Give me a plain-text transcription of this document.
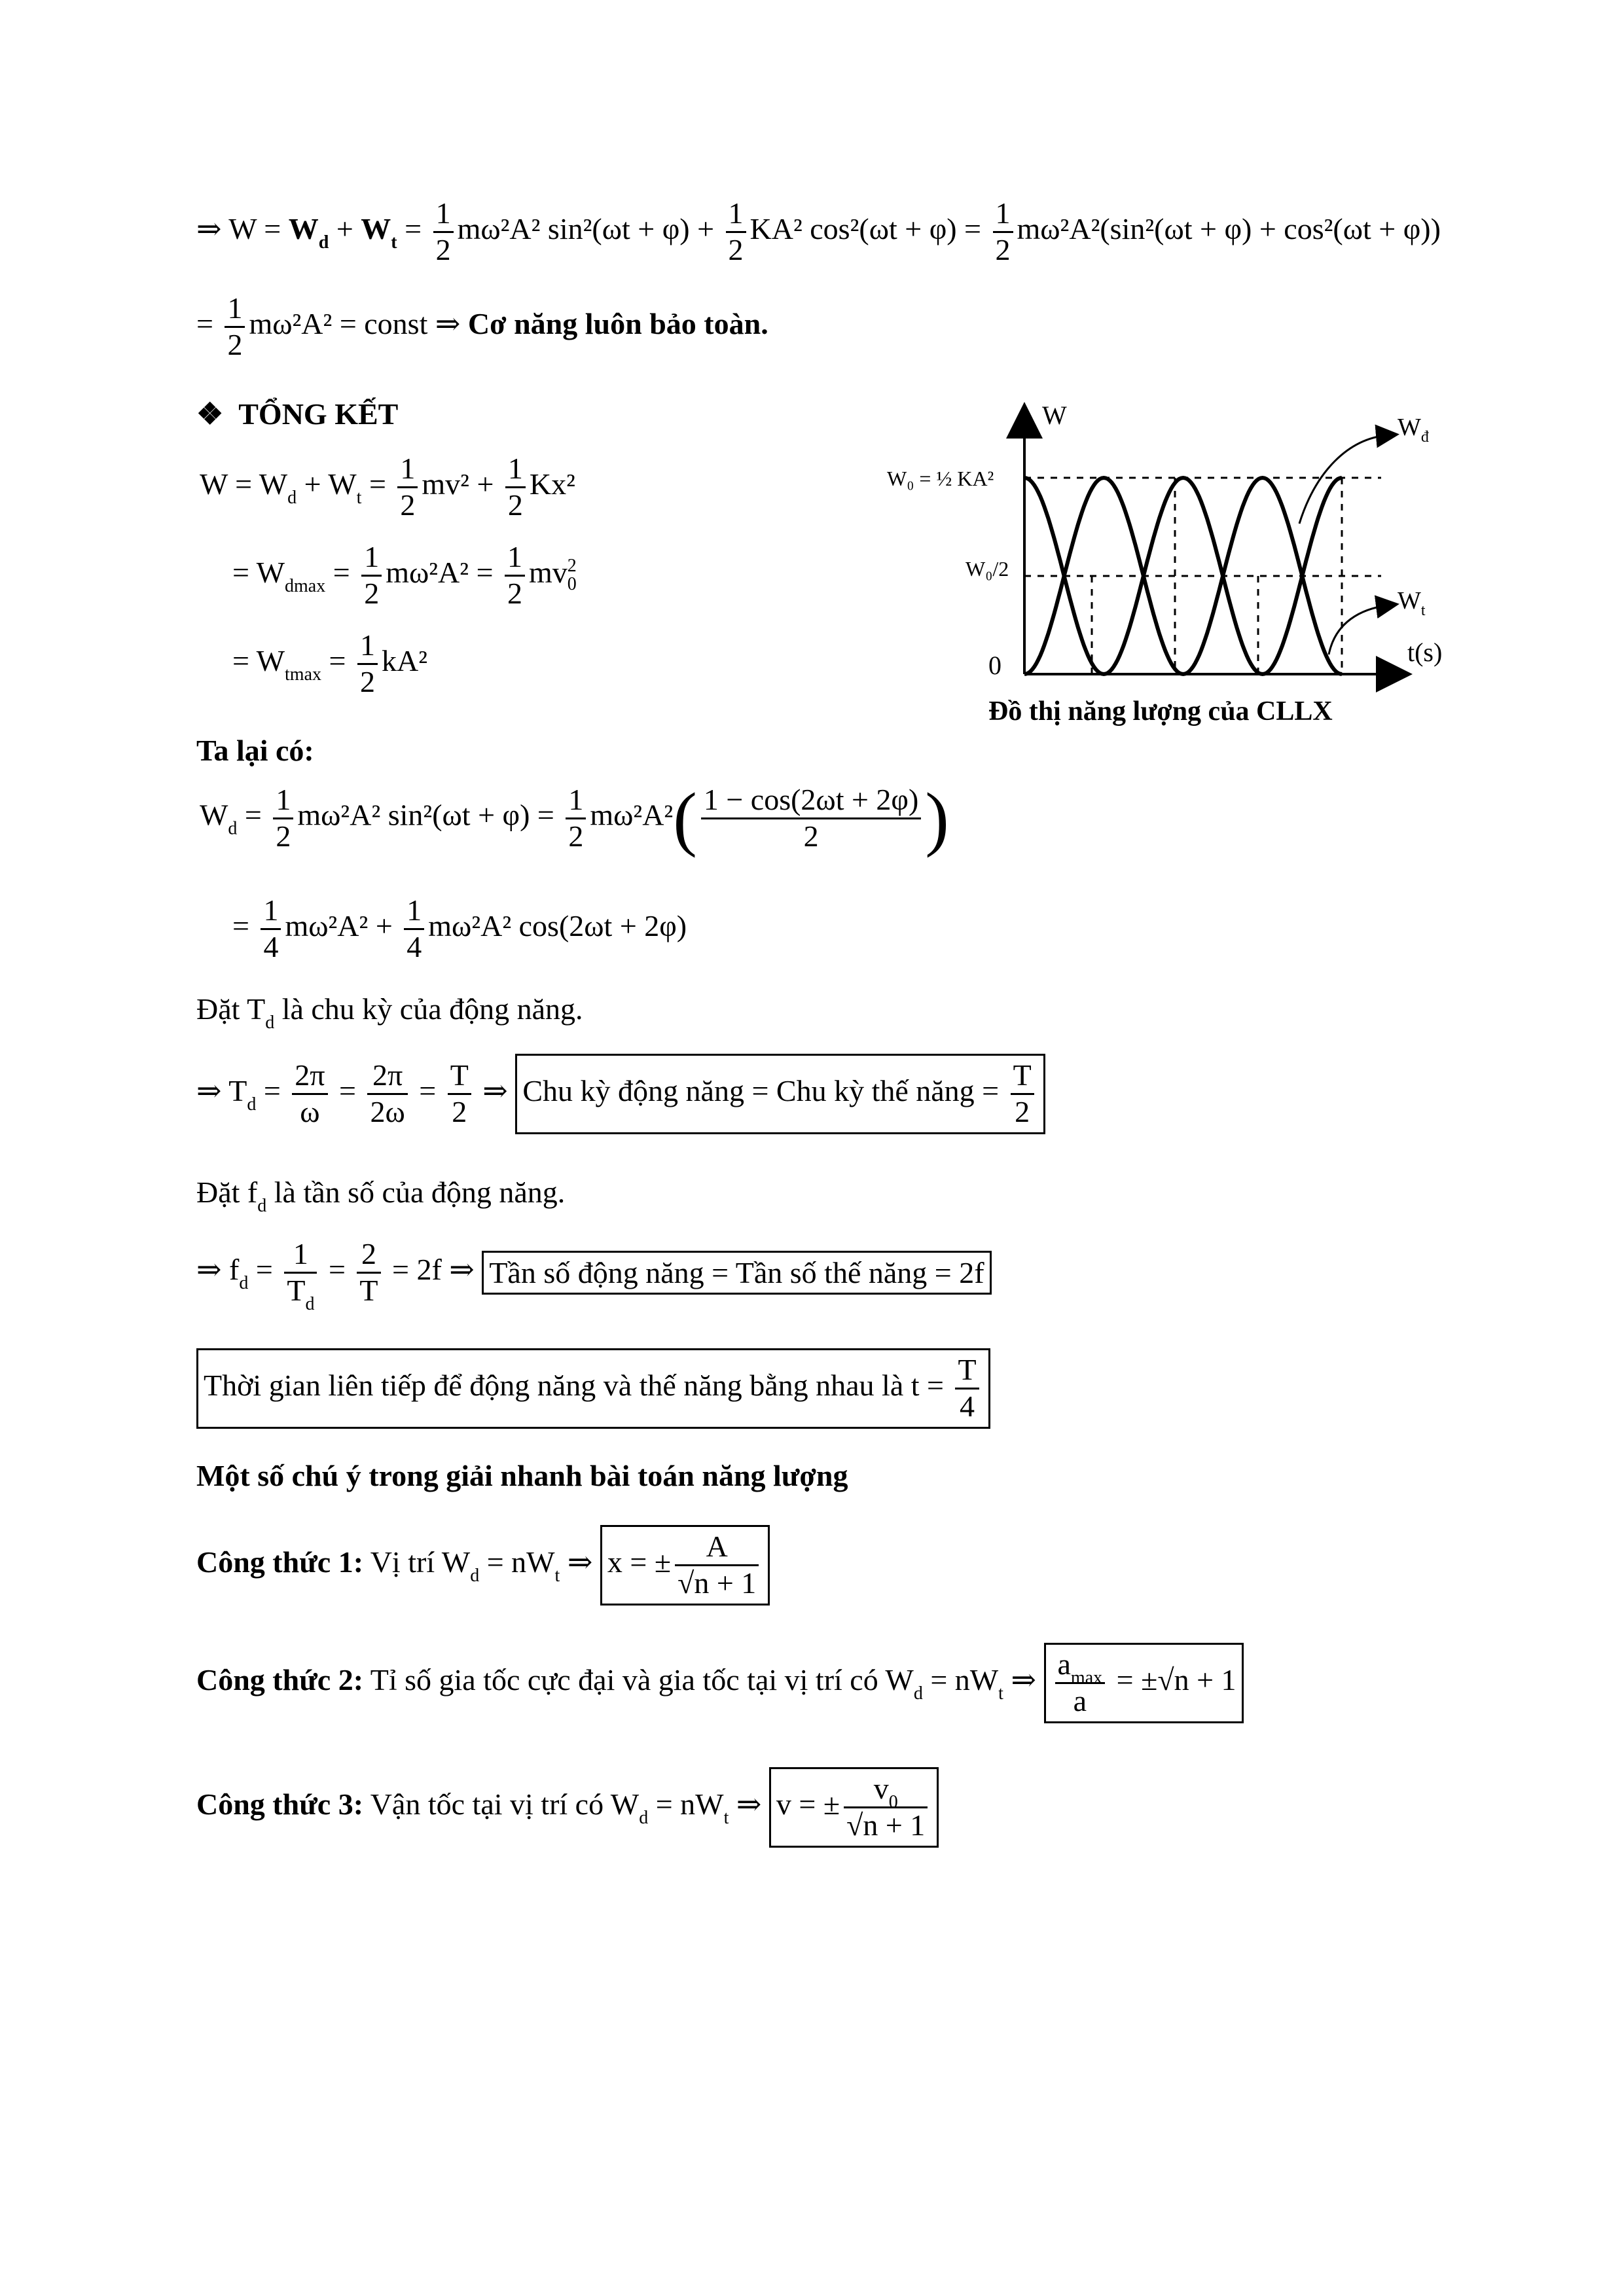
⇒ $W = W_d + W_t = \frac{1}{2} m\omega^2A^2$ $\sin^2(\omega t + \varphi) + \frac{1}{2} KA^2$ $\cos^2(\omega t + \varphi) = \frac{1}{2} m\omega^2A^2(\sin^2(\omega t + \varphi) + \cos^2(\omega t + \varphi))$
= $\frac{1}{2} m\omega^2A^2$ = const ⇒ Cơ năng luôn bảo toàn.
❖ TỔNG KẾT
$W = W_d + W_t = \frac{1}{2} mv^2 + \frac{1}{2} Kx^2$
= $W_{dmax} = \frac{1}{2} m\omega^2A^2 = \frac{1}{2}$ mv 2
0
= $W_{tmax} = \frac{1}{2} kA^2$
W
t(s)
W₀ = ½ KA²
W₀/2
0
$W_đ$
$W_t$
Đồ thị năng lượng của CLLX
Ta lại có:
$W_d = \frac{1}{2} m\omega^2A^2$ $\sin^2(\omega t + \varphi) = \frac{1}{2} m\omega^2A^2( \frac{1 - \cos(2\omega t + 2\varphi)}{2}$ )
= $\frac{1}{4} m\omega^2A^2 + \frac{1}{4} m\omega^2A^2$ cos(2ωt + 2φ)
Đặt $T_d$ là chu kỳ của động năng.
⇒ $T_d = \frac{2\pi}{\omega} = \frac{2\pi}{2\omega} = \frac{T}{2}$ ⇒ Chu kỳ động năng = Chu kỳ thế năng = $\frac{T}{2}$
Đặt $f_d$ là tần số của động năng.
⇒ $f_d = \frac{1}{T_d} = \frac{2}{T} = 2f$ ⇒ Tần số động năng = Tần số thế năng = 2f
Thời gian liên tiếp để động năng và thế năng bằng nhau là $t = \frac{T}{4}$
Một số chú ý trong giải nhanh bài toán năng lượng
Công thức 1: Vị trí $W_d = nW_t$ ⇒ x = ± $\frac{A}{√n + 1}$
Công thức 2: Tỉ số gia tốc cực đại và gia tốc tại vị trí có $W_d = nW_t$ ⇒ $\frac{a_{max}}{a} = \pm√n + 1$
Công thức 3: Vận tốc tại vị trí có $W_d = nW_t$ ⇒ v = ± $\frac{v_0}{√n + 1}$
